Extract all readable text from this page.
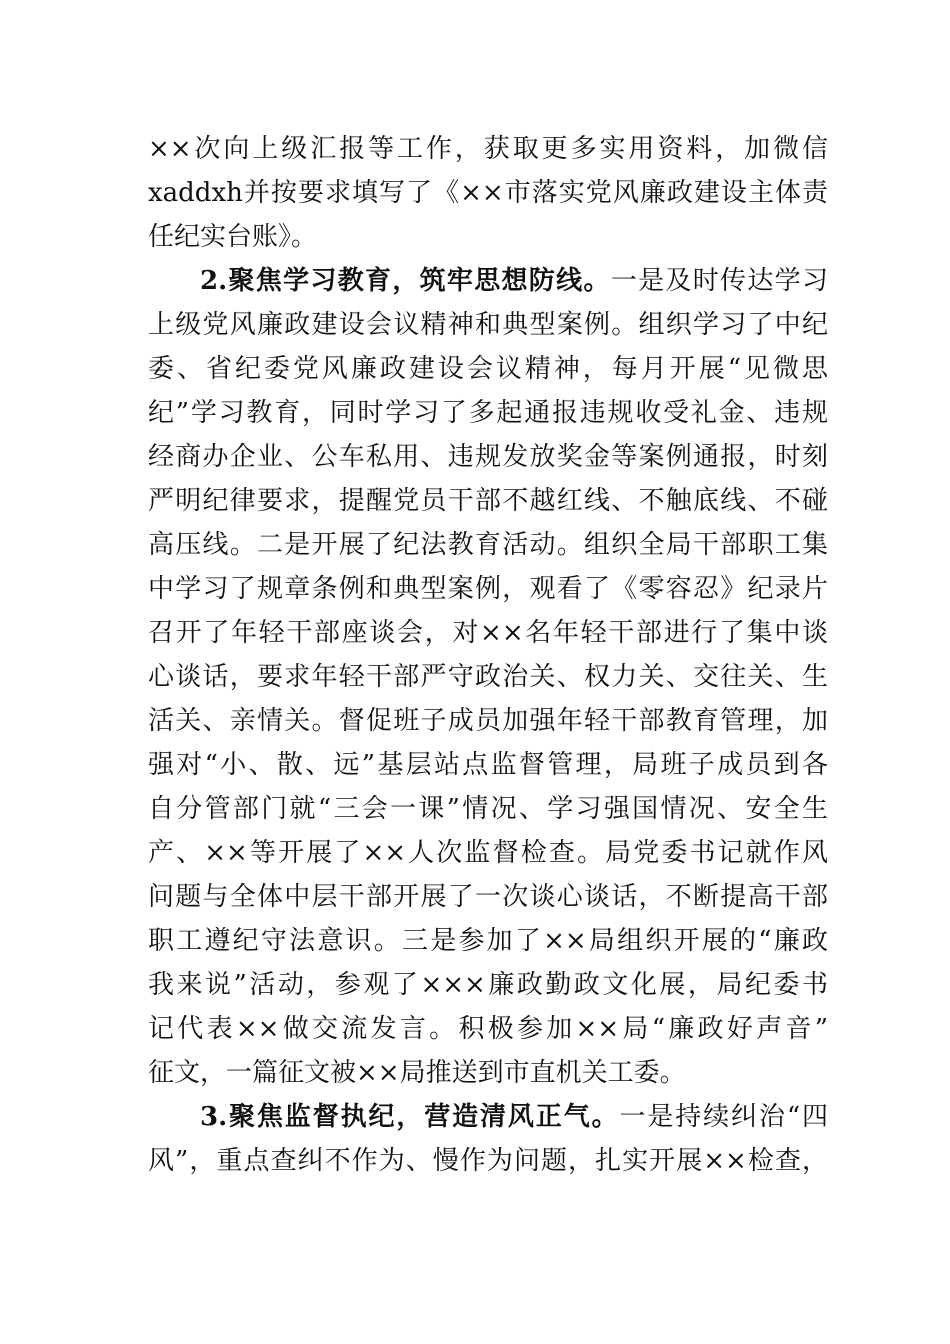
××次向上级汇报等工作，获取更多实用资料，加微信
xaddxh并按要求填写了《××市落实党风廉政建设主体责
任纪实台账》。
2.聚焦学习教育，筑牢思想防线。一是及时传达学习
上级党风廉政建设会议精神和典型案例。组织学习了中纪
委、省纪委党风廉政建设会议精神，每月开展“见微思
纪”学习教育，同时学习了多起通报违规收受礼金、违规
经商办企业、公车私用、违规发放奖金等案例通报，时刻
严明纪律要求，提醒党员干部不越红线、不触底线、不碰
高压线。二是开展了纪法教育活动。组织全局干部职工集
中学习了规章条例和典型案例，观看了《零容忍》纪录片
召开了年轻干部座谈会，对××名年轻干部进行了集中谈
心谈话，要求年轻干部严守政治关、权力关、交往关、生
活关、亲情关。督促班子成员加强年轻干部教育管理，加
强对“小、散、远”基层站点监督管理，局班子成员到各
自分管部门就“三会一课”情况、学习强国情况、安全生
产、××等开展了××人次监督检查。局党委书记就作风
问题与全体中层干部开展了一次谈心谈话，不断提高干部
职工遵纪守法意识。三是参加了××局组织开展的“廉政
我来说”活动，参观了×××廉政勤政文化展，局纪委书
记代表××做交流发言。积极参加××局“廉政好声音”
征文，一篇征文被××局推送到市直机关工委。
3.聚焦监督执纪，营造清风正气。一是持续纠治“四
风”，重点查纠不作为、慢作为问题，扎实开展××检查，
